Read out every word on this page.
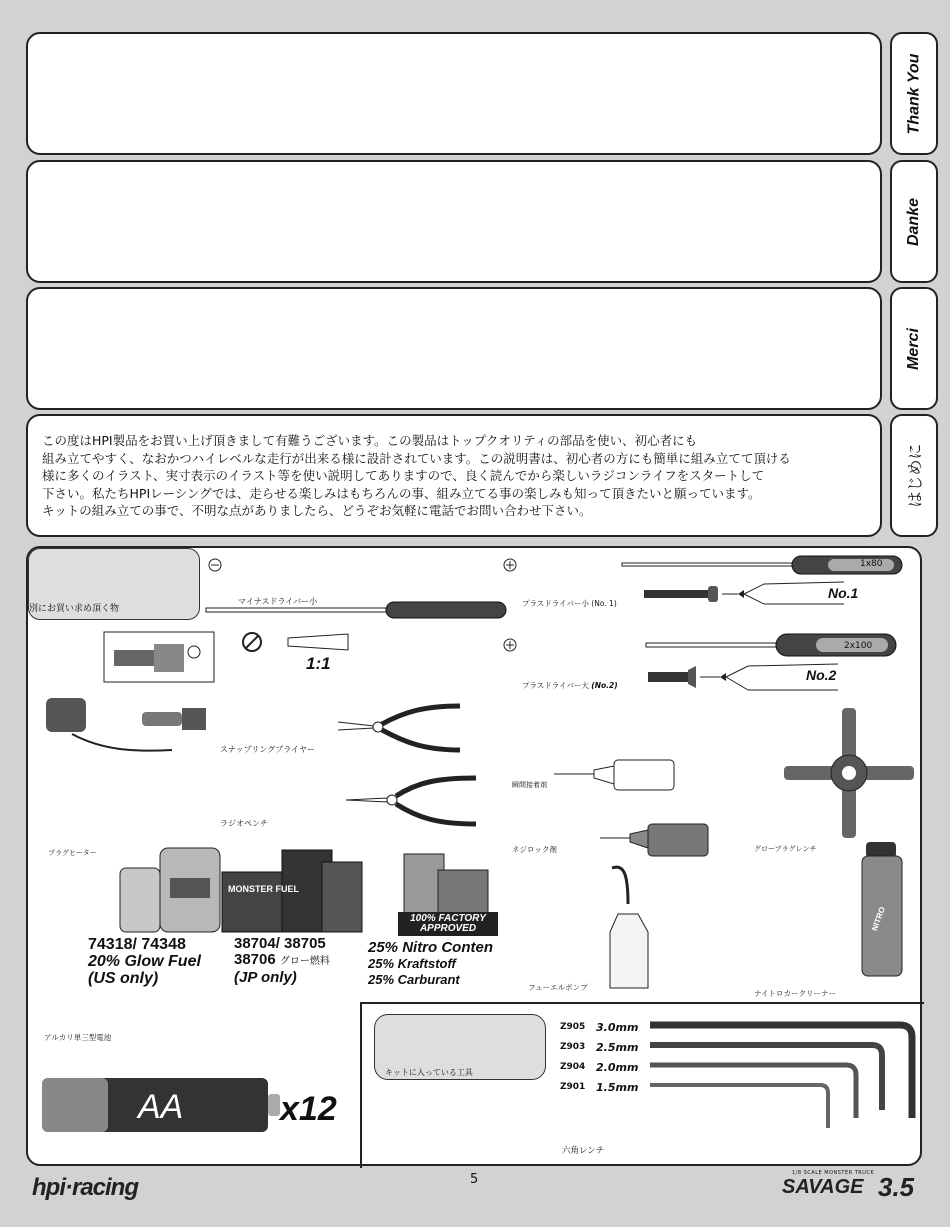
Thank You
Danke
Merci
この度はHPI製品をお買い上げ頂きまして有難うございます。この製品はトップクオリティの部品を使い、初心者にも
組み立てやすく、なおかつハイレベルな走行が出来る様に設計されています。この説明書は、初心者の方にも簡単に組み立てて頂ける
様に多くのイラスト、実寸表示のイラスト等を使い説明してありますので、良く読んでから楽しいラジコンライフをスタートして
下さい。私たちHPIレーシングでは、走らせる楽しみはもちろんの事、組み立てる事の楽しみも知って頂きたいと願っています。
キットの組み立ての事で、不明な点がありましたら、どうぞお気軽に電話でお問い合わせ下さい。
はじめに
別にお買い求め頂く物
マイナスドライバー小
1:1
プラスドライバー小 (No. 1)
1x80
No.1
プラスドライバー大 (No.2)
2x100
No.2
プラグヒーター
スナップリングプライヤー
ラジオペンチ
瞬間接着剤
ネジロック剤	グロープラグレンチ
MONSTER FUEL
100% FACTORY
APPROVED
74318/ 74348
20% Glow Fuel
(US only)
38704/ 38705
38706 グロー燃料
(JP only)
25% Nitro Conten
25% Kraftstoff
25% Carburant
フューエルポンプ
NITRO
ナイトロカークリーナー
アルカリ単三型電池
AA	x12
キットに入っている工具
Z905 3.0mm
Z903 2.5mm
Z904 2.0mm
Z901 1.5mm
六角レンチ
hpi·racing	5	1/8 SCALE MONSTER TRUCK
SAVAGE 3.5
